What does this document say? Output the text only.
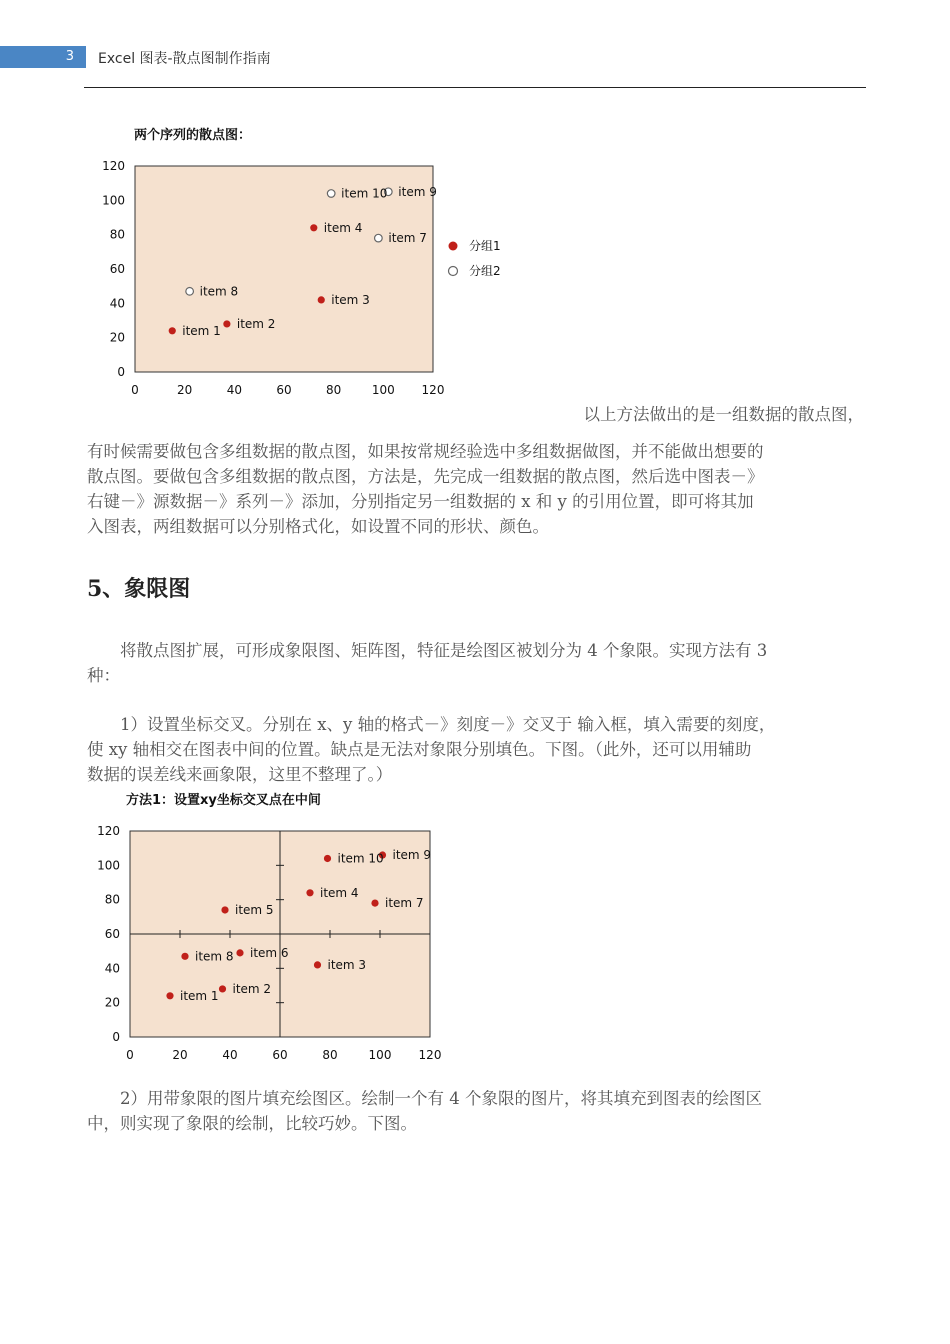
3	Excel 图表-散点图制作指南
两个序列的散点图：
0
20
40
60
80
100
120
0	20	40	60	80	100 120
item 1 item 2
item 3
item 4
item 7
item 8
item 9
item 10
分组1
分组2

以上方法做出的是一组数据的散点图，

有时候需要做包含多组数据的散点图，如果按常规经验选中多组数据做图，并不能做出想要的

散点图。要做包含多组数据的散点图，方法是，先完成一组数据的散点图，然后选中图表－》

右键－》源数据－》系列－》添加，分别指定另一组数据的 x 和 y 的引用位置，即可将其加

入图表，两组数据可以分别格式化，如设置不同的形状、颜色。

5、象限图

　　将散点图扩展，可形成象限图、矩阵图，特征是绘图区被划分为 4 个象限。实现方法有 3

种：

　　1）设置坐标交叉。分别在 x、y 轴的格式－》刻度－》交叉于 输入框，填入需要的刻度，

使 xy 轴相交在图表中间的位置。缺点是无法对象限分别填色。下图。（此外，还可以用辅助

数据的误差线来画象限，这里不整理了。）

方法1：设置xy坐标交叉点在中间
0
20
40
60
80
100
120
0	20	40	60	80	100 120
item 1 item 2
item 3
item 4
item 5
item 6
item 7
item 8
item 9
item 10

　　2）用带象限的图片填充绘图区。绘制一个有 4 个象限的图片，将其填充到图表的绘图区

中，则实现了象限的绘制，比较巧妙。下图。
